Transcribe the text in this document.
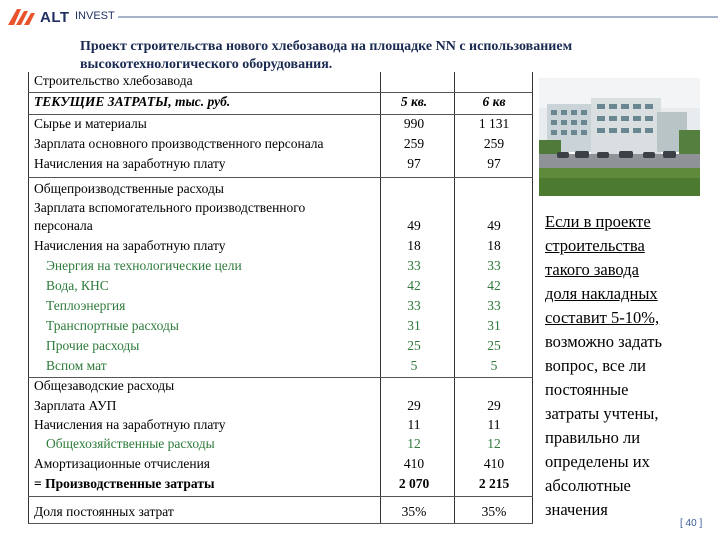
ALT INVEST
Проект строительства нового хлебозавода на площадке NN с использованием высокотехнологического оборудования.
Строительство хлебозавода
ТЕКУЩИЕ ЗАТРАТЫ, тыс. руб.	5 кв.	6 кв
Сырье и материалы	990	1 131
Зарплата основного производственного персонала	259	259
Начисления на заработную плату	97	97
Общепроизводственные расходы
Зарплата вспомогательного производственного
персонала	49	49
Начисления на заработную плату	18	18
Энергия на технологические цели	33	33
Вода, КНС	42	42
Теплоэнергия	33	33
Транспортные расходы	31	31
Прочие расходы	25	25
Вспом мат	5	5
Общезаводские расходы
Зарплата АУП	29	29
Начисления на заработную плату	11	11
Общехозяйственные расходы	12	12
Амортизационные отчисления	410	410
= Производственные затраты	2 070	2 215
Доля постоянных затрат	35%	35%
Если в проекте
строительства
такого завода
доля накладных
составит 5-10%,
возможно задать
вопрос, все ли
постоянные
затраты учтены,
правильно ли
определены их
абсолютные
значения
[ 40 ]
